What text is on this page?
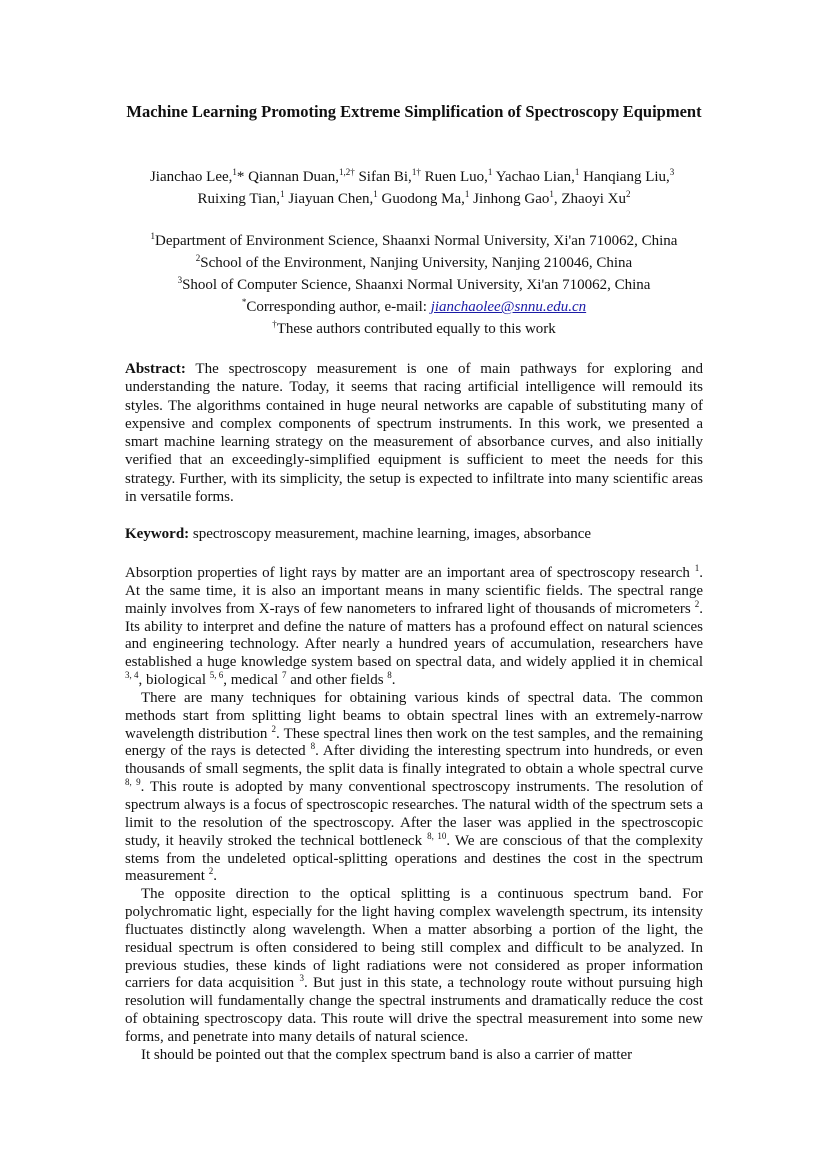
Machine Learning Promoting Extreme Simplification of Spectroscopy Equipment
Jianchao Lee,$^1$* Qiannan Duan,$^{1,2\dagger}$ Sifan Bi,$^{1\dagger}$ Ruen Luo,$^1$ Yachao Lian,$^1$ Hanqiang Liu,$^3$
Ruixing Tian,$^1$ Jiayuan Chen,$^1$ Guodong Ma,$^1$ Jinhong Gao$^1$, Zhaoyi Xu$^2$
$^1$Department of Environment Science, Shaanxi Normal University, Xi'an 710062, China
$^2$School of the Environment, Nanjing University, Nanjing 210046, China
$^3$Shool of Computer Science, Shaanxi Normal University, Xi'an 710062, China
*Corresponding author, e-mail: jianchaolee@snnu.edu.cn
†These authors contributed equally to this work
Abstract: The spectroscopy measurement is one of main pathways for exploring and understanding the nature. Today, it seems that racing artificial intelligence will remould its styles. The algorithms contained in huge neural networks are capable of substituting many of expensive and complex components of spectrum instruments. In this work, we presented a smart machine learning strategy on the measurement of absorbance curves, and also initially verified that an exceedingly-simplified equipment is sufficient to meet the needs for this strategy. Further, with its simplicity, the setup is expected to infiltrate into many scientific areas in versatile forms.
Keyword: spectroscopy measurement, machine learning, images, absorbance

Absorption properties of light rays by matter are an important area of spectroscopy research $^1$. At the same time, it is also an important means in many scientific fields. The spectral range mainly involves from X-rays of few nanometers to infrared light of thousands of micrometers $^2$. Its ability to interpret and define the nature of matters has a profound effect on natural sciences and engineering technology. After nearly a hundred years of accumulation, researchers have established a huge knowledge system based on spectral data, and widely applied it in chemical $^{3, 4}$, biological $^{5, 6}$, medical $^7$ and other fields $^8$.

There are many techniques for obtaining various kinds of spectral data. The common methods start from splitting light beams to obtain spectral lines with an extremely-narrow wavelength distribution $^2$. These spectral lines then work on the test samples, and the remaining energy of the rays is detected $^8$. After dividing the interesting spectrum into hundreds, or even thousands of small segments, the split data is finally integrated to obtain a whole spectral curve $^{8, 9}$. This route is adopted by many conventional spectroscopy instruments. The resolution of spectrum always is a focus of spectroscopic researches. The natural width of the spectrum sets a limit to the resolution of the spectroscopy. After the laser was applied in the spectroscopic study, it heavily stroked the technical bottleneck $^{8, 10}$. We are conscious of that the complexity stems from the undeleted optical-splitting operations and destines the cost in the spectrum measurement $^2$.

The opposite direction to the optical splitting is a continuous spectrum band. For polychromatic light, especially for the light having complex wavelength spectrum, its intensity fluctuates distinctly along wavelength. When a matter absorbing a portion of the light, the residual spectrum is often considered to being still complex and difficult to be analyzed. In previous studies, these kinds of light radiations were not considered as proper information carriers for data acquisition $^3$. But just in this state, a technology route without pursuing high resolution will fundamentally change the spectral instruments and dramatically reduce the cost of obtaining spectroscopy data. This route will drive the spectral measurement into some new forms, and penetrate into many details of natural science.

It should be pointed out that the complex spectrum band is also a carrier of matter
